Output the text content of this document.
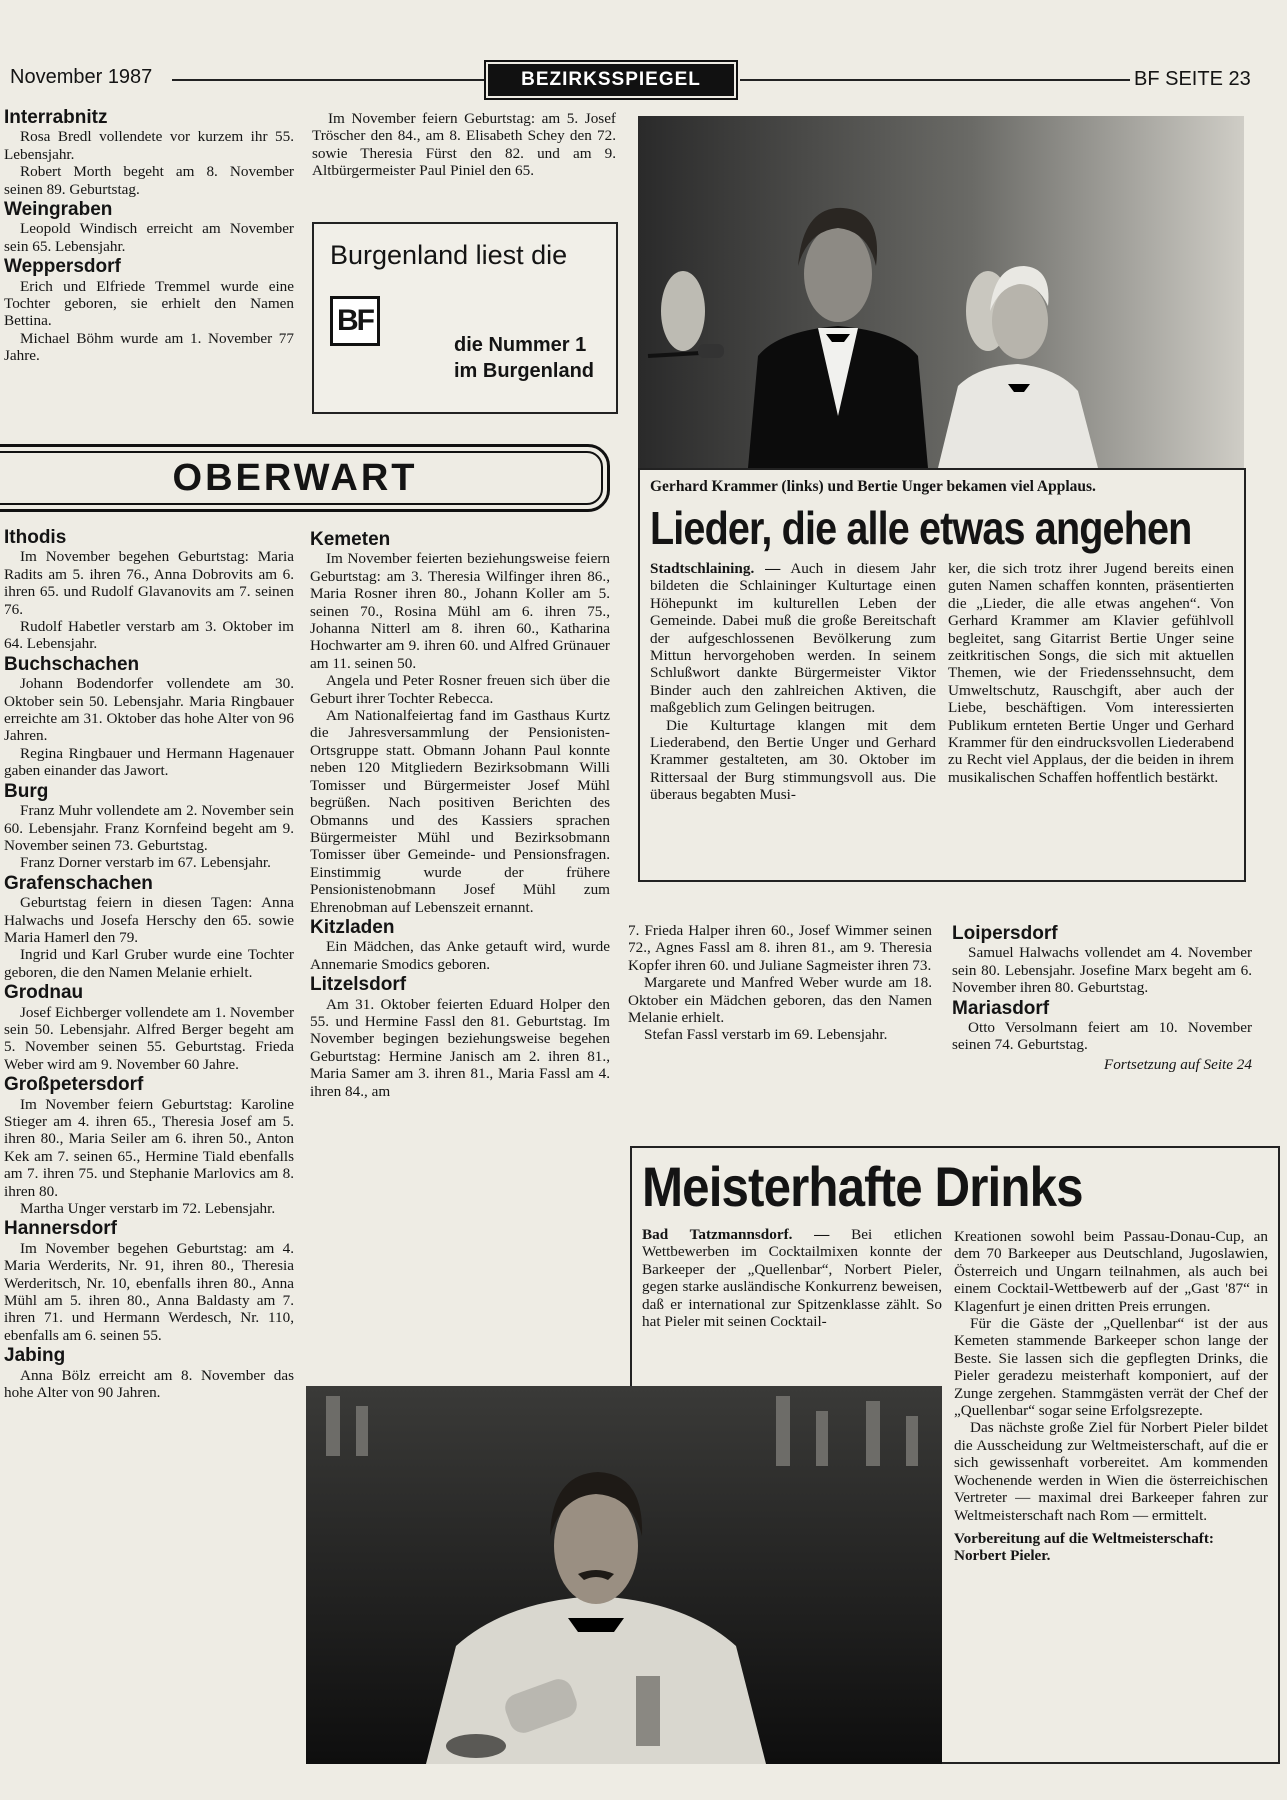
November 1987	BEZIRKSSPIEGEL	BF SEITE 23
Interrabnitz

Rosa Bredl vollendete vor kurzem ihr 55. Lebensjahr.

Robert Morth begeht am 8. November seinen 89. Geburtstag.

Weingraben

Leopold Windisch erreicht am November sein 65. Lebensjahr.

Weppersdorf

Erich und Elfriede Tremmel wurde eine Tochter geboren, sie erhielt den Namen Bettina.

Michael Böhm wurde am 1. November 77 Jahre.

Im November feiern Geburtstag: am 5. Josef Tröscher den 84., am 8. Elisabeth Schey den 72. sowie Theresia Fürst den 82. und am 9. Altbürgermeister Paul Piniel den 65.

Burgenland liest die
BF
die Nummer 1
im Burgenland
OBERWART
Ithodis

Im November begehen Geburtstag: Maria Radits am 5. ihren 76., Anna Dobrovits am 6. ihren 65. und Rudolf Glavanovits am 7. seinen 76.

Rudolf Habetler verstarb am 3. Oktober im 64. Lebensjahr.

Buchschachen

Johann Bodendorfer vollendete am 30. Oktober sein 50. Lebensjahr. Maria Ringbauer erreichte am 31. Oktober das hohe Alter von 96 Jahren.

Regina Ringbauer und Hermann Hagenauer gaben einander das Jawort.

Burg

Franz Muhr vollendete am 2. November sein 60. Lebensjahr. Franz Kornfeind begeht am 9. November seinen 73. Geburtstag.

Franz Dorner verstarb im 67. Lebensjahr.

Grafenschachen

Geburtstag feiern in diesen Tagen: Anna Halwachs und Josefa Herschy den 65. sowie Maria Hamerl den 79.

Ingrid und Karl Gruber wurde eine Tochter geboren, die den Namen Melanie erhielt.

Grodnau

Josef Eichberger vollendete am 1. November sein 50. Lebensjahr. Alfred Berger begeht am 5. November seinen 55. Geburtstag. Frieda Weber wird am 9. November 60 Jahre.

Großpetersdorf

Im November feiern Geburtstag: Karoline Stieger am 4. ihren 65., Theresia Josef am 5. ihren 80., Maria Seiler am 6. ihren 50., Anton Kek am 7. seinen 65., Hermine Tiald ebenfalls am 7. ihren 75. und Stephanie Marlovics am 8. ihren 80.

Martha Unger verstarb im 72. Lebensjahr.

Hannersdorf

Im November begehen Geburtstag: am 4. Maria Werderits, Nr. 91, ihren 80., Theresia Werderitsch, Nr. 10, ebenfalls ihren 80., Anna Mühl am 5. ihren 80., Anna Baldasty am 7. ihren 71. und Hermann Werdesch, Nr. 110, ebenfalls am 6. seinen 55.

Jabing

Anna Bölz erreicht am 8. November das hohe Alter von 90 Jahren.

Kemeten

Im November feierten beziehungsweise feiern Geburtstag: am 3. Theresia Wilfinger ihren 86., Maria Rosner ihren 80., Johann Koller am 5. seinen 70., Rosina Mühl am 6. ihren 75., Johanna Nitterl am 8. ihren 60., Katharina Hochwarter am 9. ihren 60. und Alfred Grünauer am 11. seinen 50.

Angela und Peter Rosner freuen sich über die Geburt ihrer Tochter Rebecca.

Am Nationalfeiertag fand im Gasthaus Kurtz die Jahresversammlung der Pensionisten-Ortsgruppe statt. Obmann Johann Paul konnte neben 120 Mitgliedern Bezirksobmann Willi Tomisser und Bürgermeister Josef Mühl begrüßen. Nach positiven Berichten des Obmanns und des Kassiers sprachen Bürgermeister Mühl und Bezirksobmann Tomisser über Gemeinde- und Pensionsfragen. Einstimmig wurde der frühere Pensionistenobmann Josef Mühl zum Ehrenobman auf Lebenszeit ernannt.

Kitzladen

Ein Mädchen, das Anke getauft wird, wurde Annemarie Smodics geboren.

Litzelsdorf

Am 31. Oktober feierten Eduard Holper den 55. und Hermine Fassl den 81. Geburtstag. Im November begingen beziehungsweise begehen Geburtstag: Hermine Janisch am 2. ihren 81., Maria Samer am 3. ihren 81., Maria Fassl am 4. ihren 84., am

Gerhard Krammer (links) und Bertie Unger bekamen viel Applaus.
Lieder, die alle etwas angehen

Stadtschlaining. — Auch in diesem Jahr bildeten die Schlaininger Kulturtage einen Höhepunkt im kulturellen Leben der Gemeinde. Dabei muß die große Bereitschaft der aufgeschlossenen Bevölkerung zum Mittun hervorgehoben werden. In seinem Schlußwort dankte Bürgermeister Viktor Binder auch den zahlreichen Aktiven, die maßgeblich zum Gelingen beitrugen.

Die Kulturtage klangen mit dem Liederabend, den Bertie Unger und Gerhard Krammer gestalteten, am 30. Oktober im Rittersaal der Burg stimmungsvoll aus. Die überaus begabten Musi-

ker, die sich trotz ihrer Jugend bereits einen guten Namen schaffen konnten, präsentierten die „Lieder, die alle etwas angehen“. Von Gerhard Krammer am Klavier gefühlvoll begleitet, sang Gitarrist Bertie Unger seine zeitkritischen Songs, die sich mit aktuellen Themen, wie der Friedenssehnsucht, dem Umweltschutz, Rauschgift, aber auch der Liebe, beschäftigen. Vom interessierten Publikum ernteten Bertie Unger und Gerhard Krammer für den eindrucksvollen Liederabend zu Recht viel Applaus, der die beiden in ihrem musikalischen Schaffen hoffentlich bestärkt.

7. Frieda Halper ihren 60., Josef Wimmer seinen 72., Agnes Fassl am 8. ihren 81., am 9. Theresia Kopfer ihren 60. und Juliane Sagmeister ihren 73.

Margarete und Manfred Weber wurde am 18. Oktober ein Mädchen geboren, das den Namen Melanie erhielt.

Stefan Fassl verstarb im 69. Lebensjahr.

Loipersdorf

Samuel Halwachs vollendet am 4. November sein 80. Lebensjahr. Josefine Marx begeht am 6. November ihren 80. Geburtstag.

Mariasdorf

Otto Versolmann feiert am 10. November seinen 74. Geburtstag.

Fortsetzung auf Seite 24
Meisterhafte Drinks

Bad Tatzmannsdorf. — Bei etlichen Wettbewerben im Cocktailmixen konnte der Barkeeper der „Quellenbar“, Norbert Pieler, gegen starke ausländische Konkurrenz beweisen, daß er international zur Spitzenklasse zählt. So hat Pieler mit seinen Cocktail-

Kreationen sowohl beim Passau-Donau-Cup, an dem 70 Barkeeper aus Deutschland, Jugoslawien, Österreich und Ungarn teilnahmen, als auch bei einem Cocktail-Wettbewerb auf der „Gast '87“ in Klagenfurt je einen dritten Preis errungen.

Für die Gäste der „Quellenbar“ ist der aus Kemeten stammende Barkeeper schon lange der Beste. Sie lassen sich die gepflegten Drinks, die Pieler geradezu meisterhaft komponiert, auf der Zunge zergehen. Stammgästen verrät der Chef der „Quellenbar“ sogar seine Erfolgsrezepte.

Das nächste große Ziel für Norbert Pieler bildet die Ausscheidung zur Weltmeisterschaft, auf die er sich gewissenhaft vorbereitet. Am kommenden Wochenende werden in Wien die österreichischen Vertreter — maximal drei Barkeeper fahren zur Weltmeisterschaft nach Rom — ermittelt.

Vorbereitung auf die Weltmeisterschaft: Norbert Pieler.
